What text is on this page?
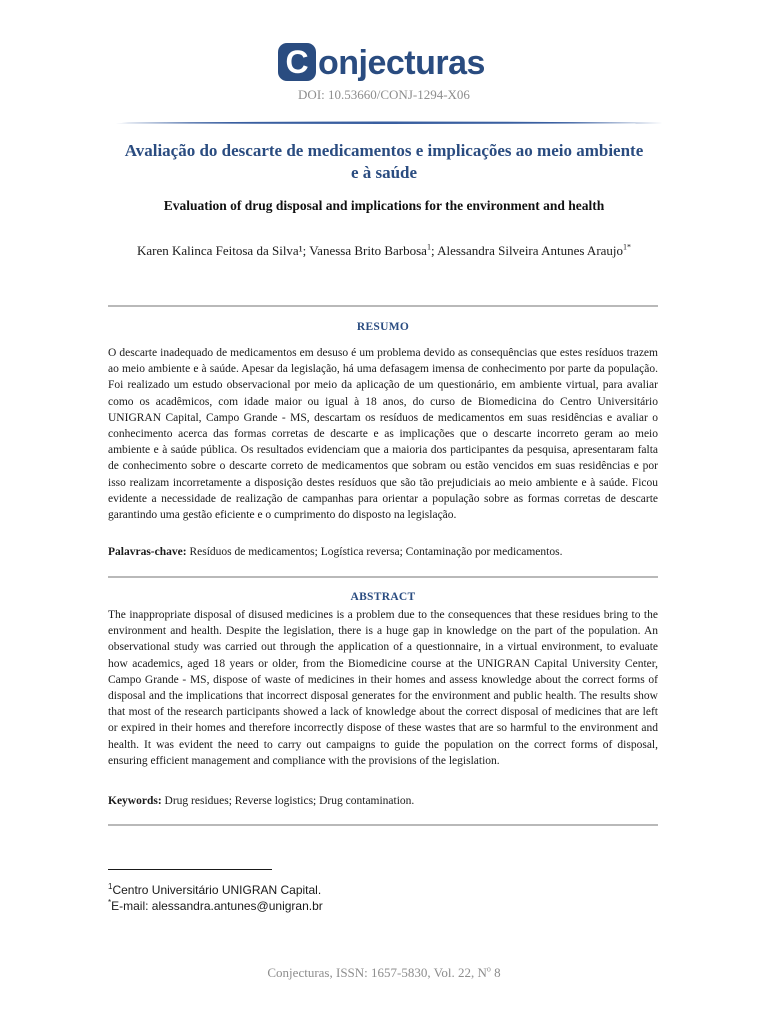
C onjecturas
DOI: 10.53660/CONJ-1294-X06
Avaliação do descarte de medicamentos e implicações ao meio ambiente e à saúde
Evaluation of drug disposal and implications for the environment and health
Karen Kalinca Feitosa da Silva¹; Vanessa Brito Barbosa$^1$; Alessandra Silveira Antunes Araujo$^{1*}$
RESUMO
O descarte inadequado de medicamentos em desuso é um problema devido as consequências que estes resíduos trazem ao meio ambiente e à saúde. Apesar da legislação, há uma defasagem imensa de conhecimento por parte da população. Foi realizado um estudo observacional por meio da aplicação de um questionário, em ambiente virtual, para avaliar como os acadêmicos, com idade maior ou igual à 18 anos, do curso de Biomedicina do Centro Universitário UNIGRAN Capital, Campo Grande - MS, descartam os resíduos de medicamentos em suas residências e avaliar o conhecimento acerca das formas corretas de descarte e as implicações que o descarte incorreto geram ao meio ambiente e à saúde pública. Os resultados evidenciam que a maioria dos participantes da pesquisa, apresentaram falta de conhecimento sobre o descarte correto de medicamentos que sobram ou estão vencidos em suas residências e por isso realizam incorretamente a disposição destes resíduos que são tão prejudiciais ao meio ambiente e à saúde. Ficou evidente a necessidade de realização de campanhas para orientar a população sobre as formas corretas de descarte garantindo uma gestão eficiente e o cumprimento do disposto na legislação.
Palavras-chave: Resíduos de medicamentos; Logística reversa; Contaminação por medicamentos.
ABSTRACT
The inappropriate disposal of disused medicines is a problem due to the consequences that these residues bring to the environment and health. Despite the legislation, there is a huge gap in knowledge on the part of the population. An observational study was carried out through the application of a questionnaire, in a virtual environment, to evaluate how academics, aged 18 years or older, from the Biomedicine course at the UNIGRAN Capital University Center, Campo Grande - MS, dispose of waste of medicines in their homes and assess knowledge about the correct forms of disposal and the implications that incorrect disposal generates for the environment and public health. The results show that most of the research participants showed a lack of knowledge about the correct disposal of medicines that are left or expired in their homes and therefore incorrectly dispose of these wastes that are so harmful to the environment and health. It was evident the need to carry out campaigns to guide the population on the correct forms of disposal, ensuring efficient management and compliance with the provisions of the legislation.
Keywords: Drug residues; Reverse logistics; Drug contamination.
$^1$Centro Universitário UNIGRAN Capital.
*E-mail: alessandra.antunes@unigran.br
Conjecturas, ISSN: 1657-5830, Vol. 22, $N^o$ 8
